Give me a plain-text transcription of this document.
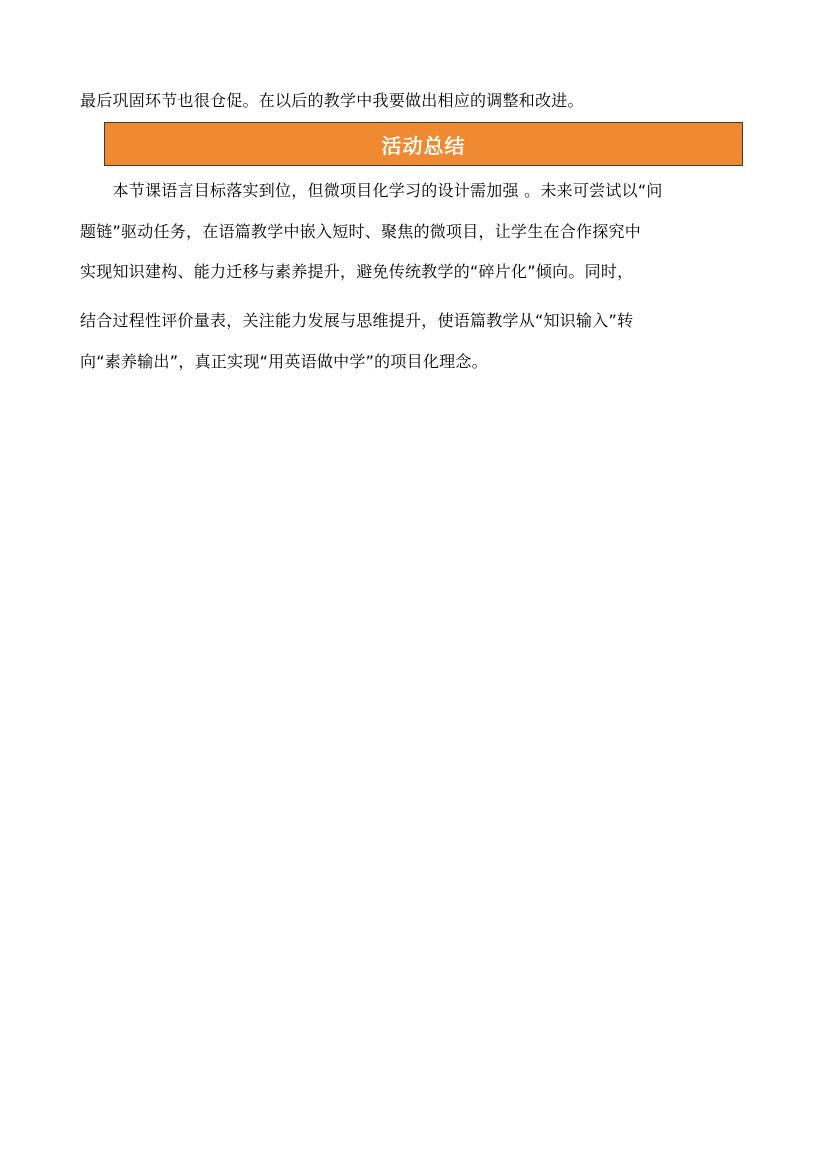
最后巩固环节也很仓促。在以后的教学中我要做出相应的调整和改进。
活动总结
　　本节课语言目标落实到位，但微项目化学习的设计需加强 。未来可尝试以“问
题链”驱动任务，在语篇教学中嵌入短时、聚焦的微项目，让学生在合作探究中
实现知识建构、能力迁移与素养提升，避免传统教学的“碎片化”倾向。同时，
结合过程性评价量表，关注能力发展与思维提升，使语篇教学从“知识输入”转
向“素养输出”，真正实现“用英语做中学”的项目化理念。
